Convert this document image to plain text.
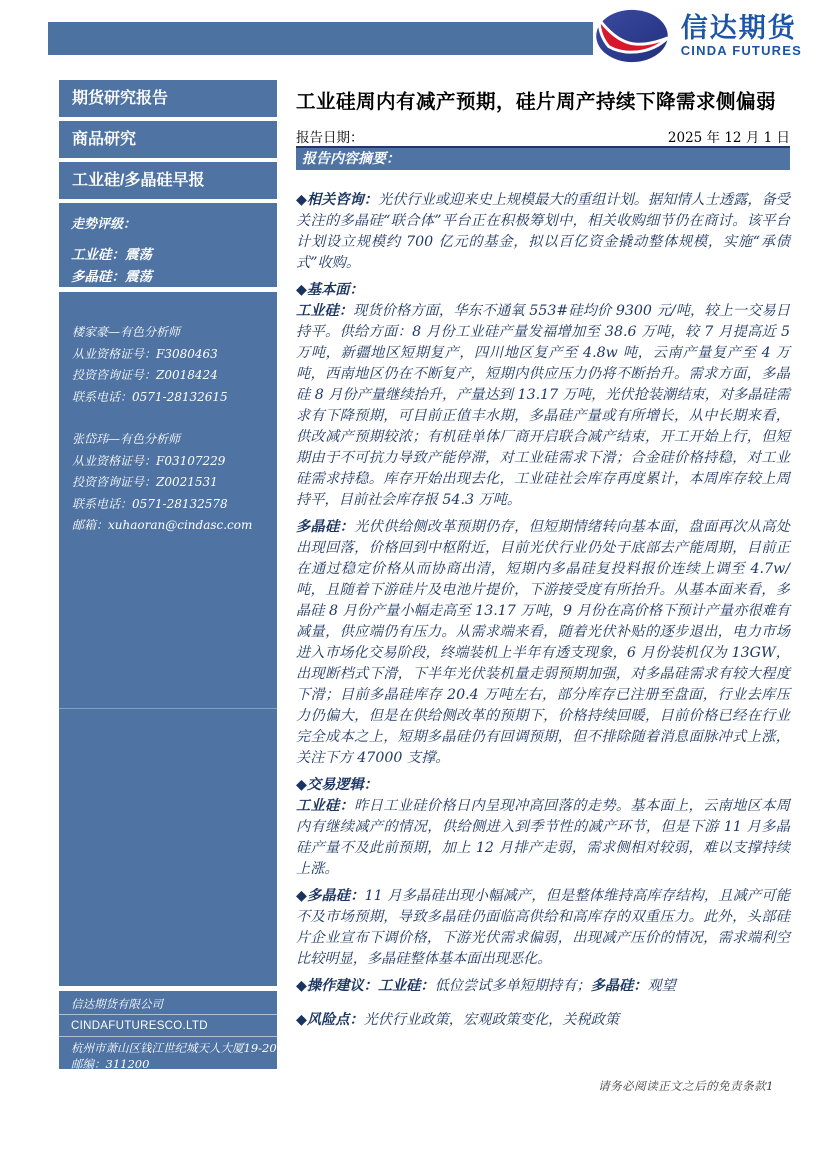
信达期货
CINDA FUTURES
期货研究报告
商品研究
工业硅/多晶硅早报
走势评级：
工业硅：震荡
多晶硅：震荡
楼家豪—有色分析师
从业资格证号：F3080463
投资咨询证号：Z0018424
联系电话：0571-28132615
张岱玮—有色分析师
从业资格证号：F03107229
投资咨询证号：Z0021531
联系电话：0571-28132578
邮箱：xuhaoran@cindasc.com
信达期货有限公司
CINDAFUTURESCO.LTD
杭州市萧山区钱江世纪城天人大厦19-20楼
邮编：311200
工业硅周内有减产预期，硅片周产持续下降需求侧偏弱
报告日期：	2025 年 12 月 1 日
报告内容摘要：

◆相关咨询：光伏行业或迎来史上规模最大的重组计划。据知情人士透露，备受关注的多晶硅“联合体”平台正在积极筹划中，相关收购细节仍在商讨。该平台计划设立规模约 700 亿元的基金，拟以百亿资金撬动整体规模，实施“承债式”收购。

◆基本面：

工业硅：现货价格方面，华东不通氧 553#硅均价 9300 元/吨，较上一交易日持平。供给方面：8 月份工业硅产量发福增加至 38.6 万吨，较 7 月提高近 5 万吨，新疆地区短期复产，四川地区复产至 4.8w 吨，云南产量复产至 4 万吨，西南地区仍在不断复产，短期内供应压力仍将不断抬升。需求方面，多晶硅 8 月份产量继续抬升，产量达到 13.17 万吨，光伏抢装潮结束，对多晶硅需求有下降预期，可目前正值丰水期，多晶硅产量或有所增长，从中长期来看，供改减产预期较浓；有机硅单体厂商开启联合减产结束，开工开始上行，但短期由于不可抗力导致产能停滞，对工业硅需求下滑；合金硅价格持稳，对工业硅需求持稳。库存开始出现去化，工业硅社会库存再度累计，本周库存较上周持平，目前社会库存报 54.3 万吨。

多晶硅：光伏供给侧改革预期仍存，但短期情绪转向基本面，盘面再次从高处出现回落，价格回到中枢附近，目前光伏行业仍处于底部去产能周期，目前正在通过稳定价格从而协商出清，短期内多晶硅复投料报价连续上调至 4.7w/吨，且随着下游硅片及电池片提价，下游接受度有所抬升。从基本面来看，多晶硅 8 月份产量小幅走高至 13.17 万吨，9 月份在高价格下预计产量亦很难有减量，供应端仍有压力。从需求端来看，随着光伏补贴的逐步退出，电力市场进入市场化交易阶段，终端装机上半年有透支现象，6 月份装机仅为 13GW，出现断档式下滑，下半年光伏装机量走弱预期加强，对多晶硅需求有较大程度下滑；目前多晶硅库存 20.4 万吨左右，部分库存已注册至盘面，行业去库压力仍偏大，但是在供给侧改革的预期下，价格持续回暖，目前价格已经在行业完全成本之上，短期多晶硅仍有回调预期，但不排除随着消息面脉冲式上涨，关注下方 47000 支撑。

◆交易逻辑：

工业硅：昨日工业硅价格日内呈现冲高回落的走势。基本面上，云南地区本周内有继续减产的情况，供给侧进入到季节性的减产环节，但是下游 11 月多晶硅产量不及此前预期，加上 12 月排产走弱，需求侧相对较弱，难以支撑持续上涨。

◆多晶硅：11 月多晶硅出现小幅减产，但是整体维持高库存结构，且减产可能不及市场预期，导致多晶硅仍面临高供给和高库存的双重压力。此外，头部硅片企业宣布下调价格，下游光伏需求偏弱，出现减产压价的情况，需求端利空比较明显，多晶硅整体基本面出现恶化。

◆操作建议：工业硅：低位尝试多单短期持有；多晶硅：观望

◆风险点：光伏行业政策，宏观政策变化，关税政策

请务必阅读正文之后的免责条款1
